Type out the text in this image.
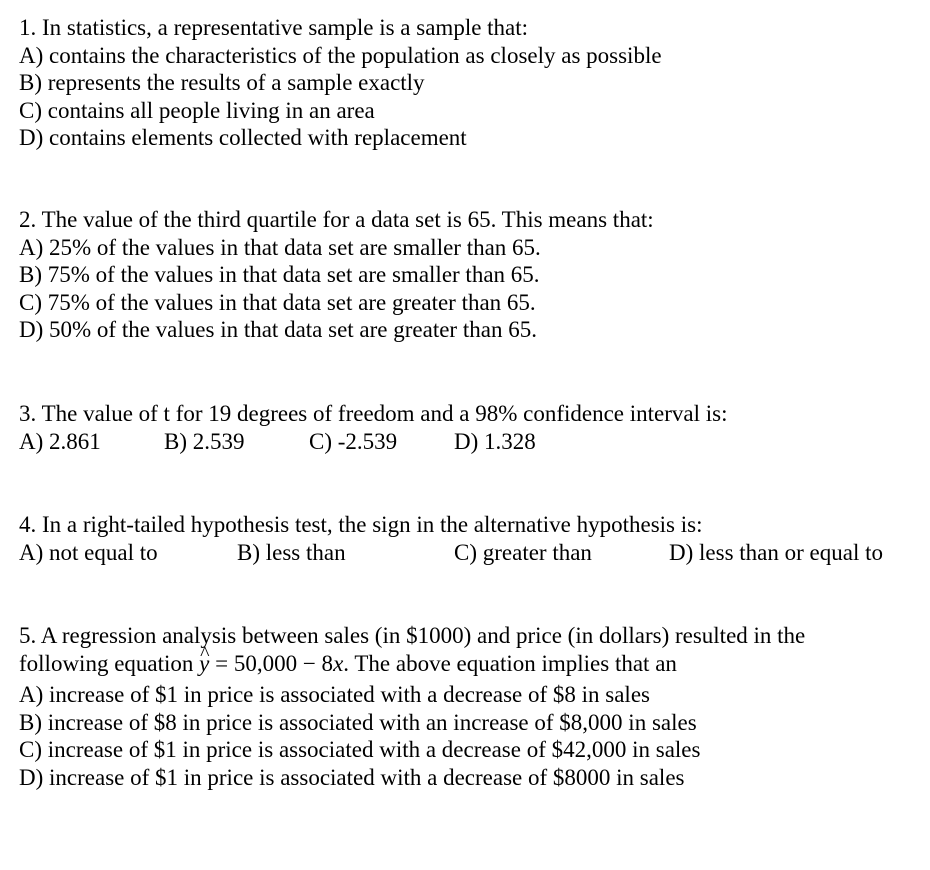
1. In statistics, a representative sample is a sample that:
A) contains the characteristics of the population as closely as possible
B) represents the results of a sample exactly
C) contains all people living in an area
D) contains elements collected with replacement
2. The value of the third quartile for a data set is 65. This means that:
A) 25% of the values in that data set are smaller than 65.
B) 75% of the values in that data set are smaller than 65.
C) 75% of the values in that data set are greater than 65.
D) 50% of the values in that data set are greater than 65.
3. The value of t for 19 degrees of freedom and a 98% confidence interval is:
A) 2.861	B) 2.539	C) -2.539 D) 1.328
4. In a right-tailed hypothesis test, the sign in the alternative hypothesis is:
A) not equal to	B) less than	C) greater than	D) less than or equal to
5. A regression analysis between sales (in $1000) and price (in dollars) resulted in the
following equation ^ y = 50,000 − 8x. The above equation implies that an
A) increase of $1 in price is associated with a decrease of $8 in sales
B) increase of $8 in price is associated with an increase of $8,000 in sales
C) increase of $1 in price is associated with a decrease of $42,000 in sales
D) increase of $1 in price is associated with a decrease of $8000 in sales
